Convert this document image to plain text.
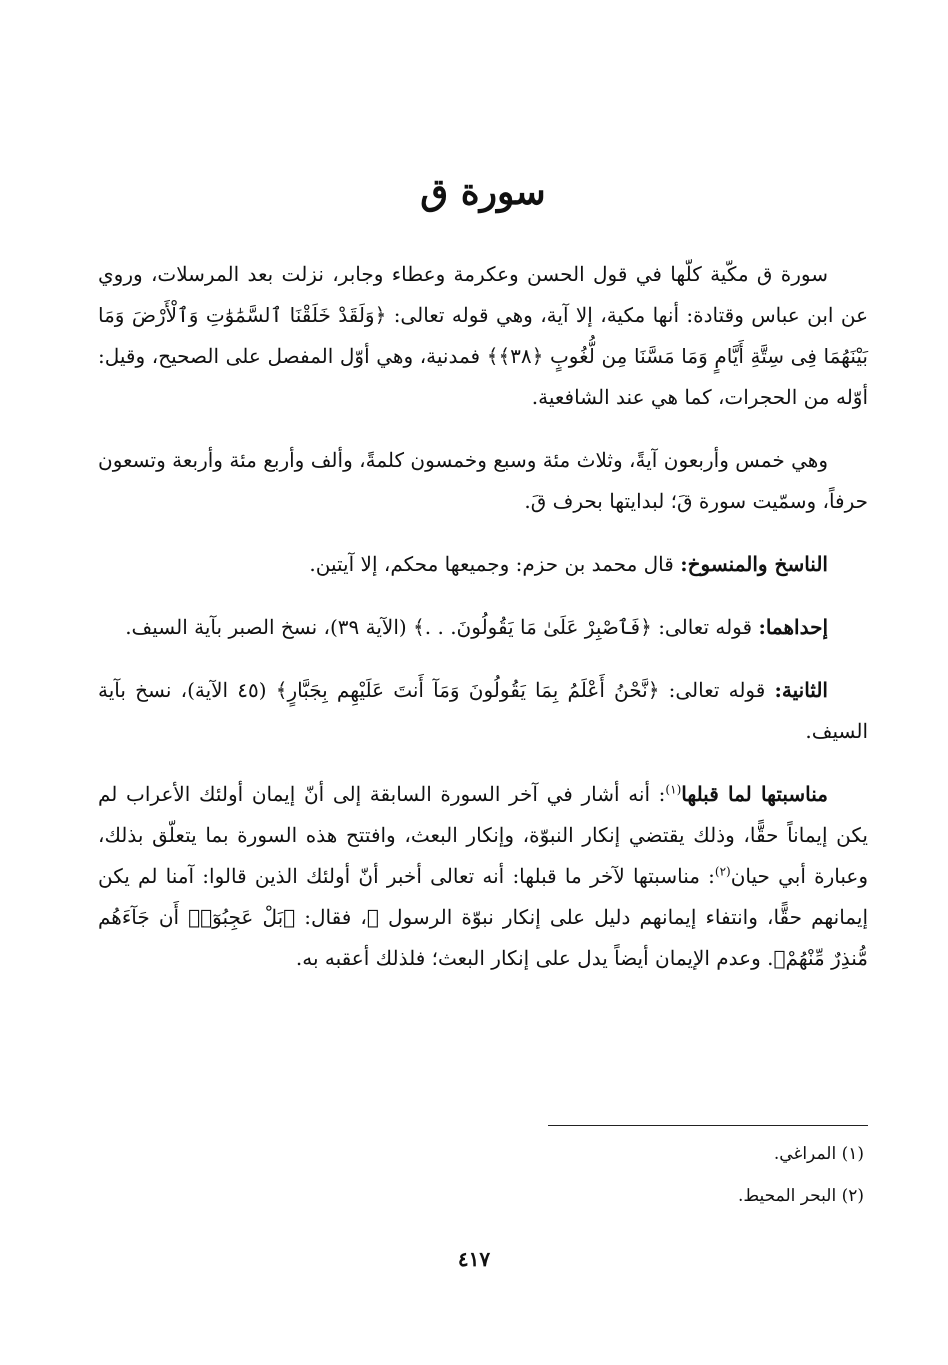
سورة ق

سورة ق مكّية كلّها في قول الحسن وعكرمة وعطاء وجابر، نزلت بعد المرسلات، وروي عن ابن عباس وقتادة: أنها مكية، إلا آية، وهي قوله تعالى: ﴿وَلَقَدْ خَلَقْنَا ٱلسَّمَٰوَٰتِ وَٱلْأَرْضَ وَمَا بَيْنَهُمَا فِى سِتَّةِ أَيَّامٍ وَمَا مَسَّنَا مِن لُّغُوبٍ ﴿٣٨﴾﴾ فمدنية، وهي أوّل المفصل على الصحيح، وقيل: أوّله من الحجرات، كما هي عند الشافعية.

وهي خمس وأربعون آيةً، وثلاث مئة وسبع وخمسون كلمةً، وألف وأربع مئة وأربعة وتسعون حرفاً، وسمّيت سورة قَ؛ لبدايتها بحرف قَ.

الناسخ والمنسوخ: قال محمد بن حزم: وجميعها محكم، إلا آيتين.

إحداهما: قوله تعالى: ﴿فَٱصْبِرْ عَلَىٰ مَا يَقُولُونَ. . .﴾ (الآية ٣٩)، نسخ الصبر بآية السيف.

الثانية: قوله تعالى: ﴿نَّحْنُ أَعْلَمُ بِمَا يَقُولُونَ وَمَآ أَنتَ عَلَيْهِم بِجَبَّارٍ﴾ (٤٥ الآية)، نسخ بآية السيف.

مناسبتها لما قبلها$^{(١)}$: أنه أشار في آخر السورة السابقة إلى أنّ إيمان أولئك الأعراب لم يكن إيماناً حقًّا، وذلك يقتضي إنكار النبوّة، وإنكار البعث، وافتتح هذه السورة بما يتعلّق بذلك، وعبارة أبي حيان$^{(٢)}$: مناسبتها لآخر ما قبلها: أنه تعالى أخبر أنّ أولئك الذين قالوا: آمنا لم يكن إيمانهم حقًّا، وانتفاء إيمانهم دليل على إنكار نبوّة الرسول ﷺ، فقال: ﴿بَلْ عَجِبُوٓا۟ أَن جَآءَهُم مُّنذِرٌ مِّنْهُمْ﴾. وعدم الإيمان أيضاً يدل على إنكار البعث؛ فلذلك أعقبه به.

(١) المراغي.
(٢) البحر المحيط.
٤١٧
